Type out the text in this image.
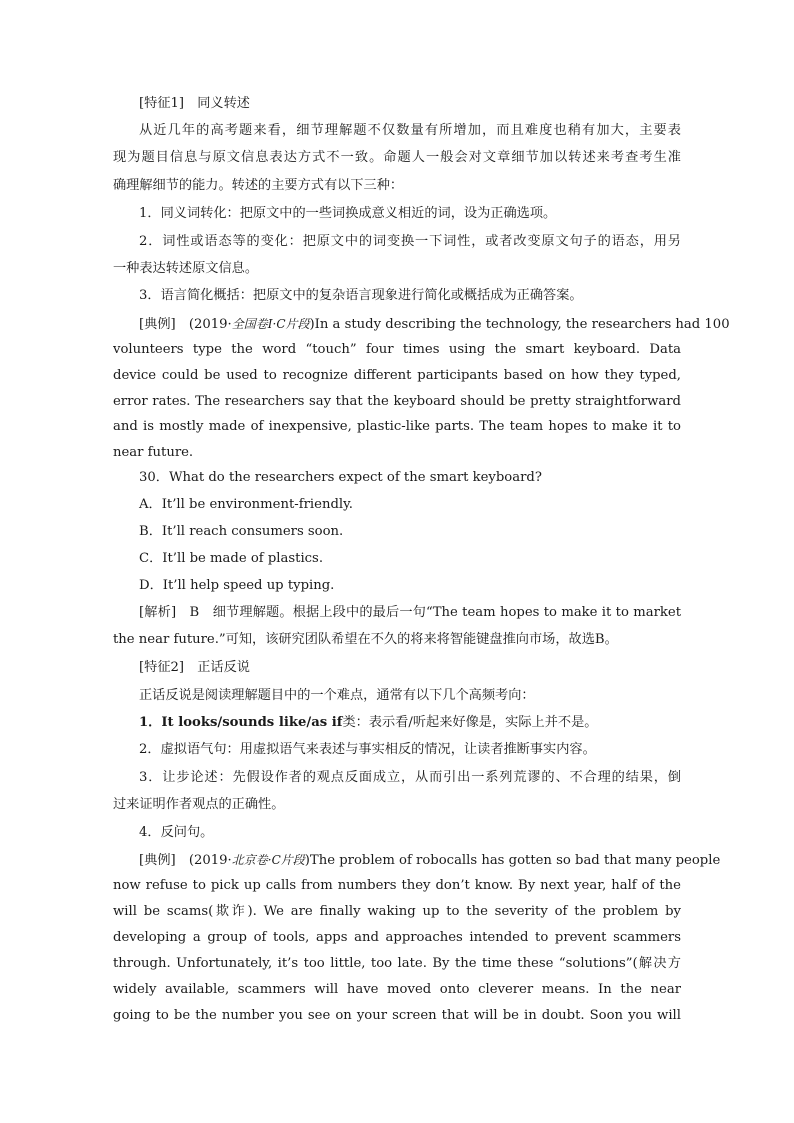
[特征1]　同义转述
从近几年的高考题来看，细节理解题不仅数量有所增加，而且难度也稍有加大，主要表
现为题目信息与原文信息表达方式不一致。命题人一般会对文章细节加以转述来考查考生准
确理解细节的能力。转述的主要方式有以下三种：
1．同义词转化：把原文中的一些词换成意义相近的词，设为正确选项。
2．词性或语态等的变化：把原文中的词变换一下词性，或者改变原文句子的语态，用另
一种表达转述原文信息。
3．语言简化概括：把原文中的复杂语言现象进行简化或概括成为正确答案。
[典例]　(2019·全国卷Ⅰ·C片段)In a study describing the technology, the researchers had 100
volunteers type the word “touch” four times using the smart keyboard. Data
device could be used to recognize different participants based on how they typed,
error rates. The researchers say that the keyboard should be pretty straightforward
and is mostly made of inexpensive, plastic-like parts. The team hopes to make it to
near future.
30．What do the researchers expect of the smart keyboard?
A．It’ll be environment-friendly.
B．It’ll reach consumers soon.
C．It’ll be made of plastics.
D．It’ll help speed up typing.
[解析]　B　细节理解题。根据上段中的最后一句“The team hopes to make it to market
the near future.”可知，该研究团队希望在不久的将来将智能键盘推向市场，故选B。
[特征2]　正话反说
正话反说是阅读理解题目中的一个难点，通常有以下几个高频考向：
1．It looks/sounds like/as if类：表示看/听起来好像是，实际上并不是。
2．虚拟语气句：用虚拟语气来表述与事实相反的情况，让读者推断事实内容。
3．让步论述：先假设作者的观点反面成立，从而引出一系列荒谬的、不合理的结果，倒
过来证明作者观点的正确性。
4．反问句。
[典例]　(2019·北京卷·C片段)The problem of robocalls has gotten so bad that many people
now refuse to pick up calls from numbers they don’t know. By next year, half of the
will be scams(欺诈). We are finally waking up to the severity of the problem by
developing a group of tools, apps and approaches intended to prevent scammers
through. Unfortunately, it’s too little, too late. By the time these “solutions”(解决方
widely available, scammers will have moved onto cleverer means. In the near
going to be the number you see on your screen that will be in doubt. Soon you will
